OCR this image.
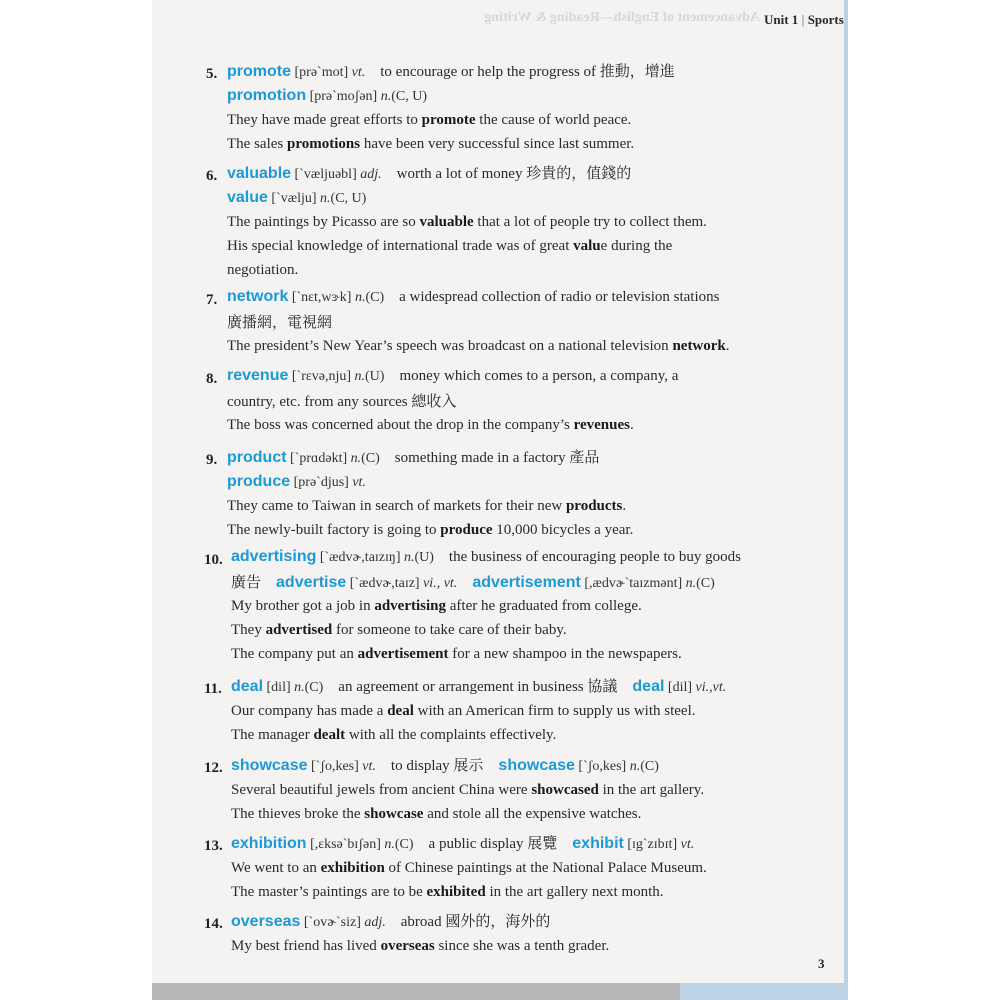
Advancement of English—Reading & Writing Unit 1 | Sports
5. promote [prə`mot] vt.    to encourage or help the progress of 推動，增進
promotion [prə`moʃən] n.(C, U)
They have made great efforts to promote the cause of world peace.
The sales promotions have been very successful since last summer.
6. valuable [`væljuəbl] adj.    worth a lot of money 珍貴的，值錢的
value [`vælju] n.(C, U)
The paintings by Picasso are so valuable that a lot of people try to collect them.
His special knowledge of international trade was of great value during the
negotiation.
7. network [`nɛt,wɝk] n.(C)    a widespread collection of radio or television stations
廣播網，電視網
The president’s New Year’s speech was broadcast on a national television network.
8. revenue [`rɛvə,nju] n.(U)    money which comes to a person, a company, a
country, etc. from any sources 總收入
The boss was concerned about the drop in the company’s revenues.
9. product [`prɑdəkt] n.(C)    something made in a factory 產品
produce [prə`djus] vt.
They came to Taiwan in search of markets for their new products.
The newly-built factory is going to produce 10,000 bicycles a year.
10. advertising [`ædvɚ,taɪzɪŋ] n.(U)    the business of encouraging people to buy goods
廣告 advertise [`ædvɚ,taɪz] vi., vt. advertisement [,ædvɚ`taɪzmənt] n.(C)
My brother got a job in advertising after he graduated from college.
They advertised for someone to take care of their baby.
The company put an advertisement for a new shampoo in the newspapers.
11. deal [dil] n.(C)    an agreement or arrangement in business 協議 deal [dil] vi.,vt.
Our company has made a deal with an American firm to supply us with steel.
The manager dealt with all the complaints effectively.
12. showcase [`ʃo,kes] vt.    to display 展示 showcase [`ʃo,kes] n.(C)
Several beautiful jewels from ancient China were showcased in the art gallery.
The thieves broke the showcase and stole all the expensive watches.
13. exhibition [,ɛksə`bɪʃən] n.(C)    a public display 展覽 exhibit [ɪg`zɪbɪt] vt.
We went to an exhibition of Chinese paintings at the National Palace Museum.
The master’s paintings are to be exhibited in the art gallery next month.
14. overseas [`ovɚ`siz] adj.    abroad 國外的，海外的
My best friend has lived overseas since she was a tenth grader.
3
